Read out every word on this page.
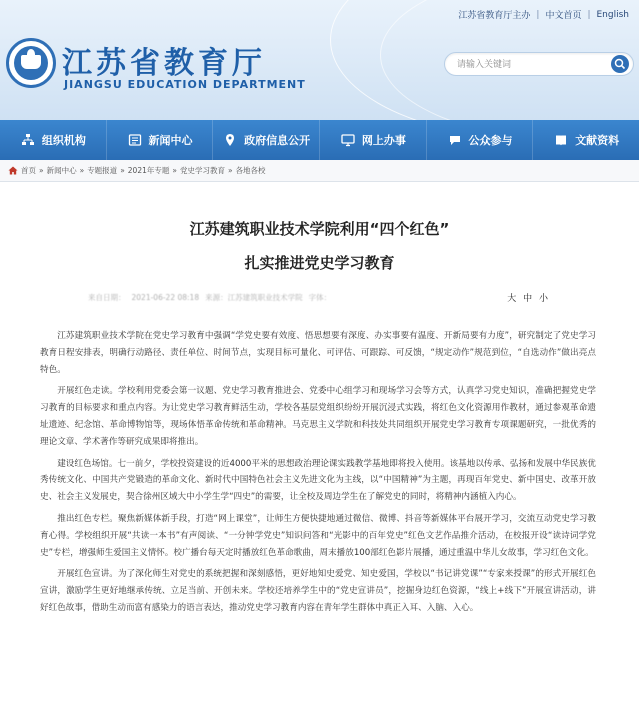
江苏省教育厅主办 | 中文首页 | English
江苏省教育厅
JIANGSU EDUCATION DEPARTMENT
请输入关键词
组织机构	新闻中心	政府信息公开	网上办事	公众参与	文献资料
首页 » 新闻中心 » 专题报道 » 2021年专题 » 党史学习教育 » 各地各校
江苏建筑职业技术学院利用“四个红色”
扎实推进党史学习教育
来自日期： 2021-06-22 08:18 来源：江苏建筑职业技术学院 字体：	大 中 小

江苏建筑职业技术学院在党史学习教育中强调“学党史要有效度、悟思想要有深度、办实事要有温度、开新局要有力度”，研究制定了党史学习教育日程安排表，明确行动路径、责任单位、时间节点，实现目标可量化、可评估、可跟踪、可反馈，“规定动作”规范到位，“自选动作”做出亮点特色。

开展红色走读。学校利用党委会第一议题、党史学习教育推进会、党委中心组学习和现场学习会等方式，认真学习党史知识，准确把握党史学习教育的目标要求和重点内容。为让党史学习教育鲜活生动，学校各基层党组织纷纷开展沉浸式实践，将红色文化资源用作教材，通过参观革命遗址遗迹、纪念馆、革命博物馆等，现场体悟革命传统和革命精神。马克思主义学院和科技处共同组织开展党史学习教育专项课题研究，一批优秀的理论文章、学术著作等研究成果即将推出。

建设红色场馆。七一前夕，学校投资建设的近4000平米的思想政治理论课实践教学基地即将投入使用。该基地以传承、弘扬和发展中华民族优秀传统文化、中国共产党锻造的革命文化、新时代中国特色社会主义先进文化为主线，以“中国精神”为主题，再现百年党史、新中国史、改革开放史、社会主义发展史，契合徐州区域大中小学生学“四史”的需要，让全校及周边学生在了解党史的同时，将精神内涵植入内心。

推出红色专栏。聚焦新媒体新手段，打造“网上课堂”，让师生方便快捷地通过微信、微博、抖音等新媒体平台展开学习，交流互动党史学习教育心得。学校组织开展“共读一本书”有声阅读、“一分钟学党史”知识问答和“光影中的百年党史”红色文艺作品推介活动，在校报开设“读诗词学党史”专栏，增强师生爱国主义情怀。校广播台每天定时播放红色革命歌曲，周末播放100部红色影片展播，通过重温中华儿女故事，学习红色文化。

开展红色宣讲。为了深化师生对党史的系统把握和深刻感悟，更好地知史爱党、知史爱国，学校以“书记讲党课”“专家来授课”的形式开展红色宣讲，激励学生更好地继承传统、立足当前、开创未来。学校还培养学生中的“党史宣讲员”，挖掘身边红色资源，“线上+线下”开展宣讲活动，讲好红色故事，借助生动而富有感染力的语言表达，推动党史学习教育内容在青年学生群体中真正入耳、入脑、入心。
